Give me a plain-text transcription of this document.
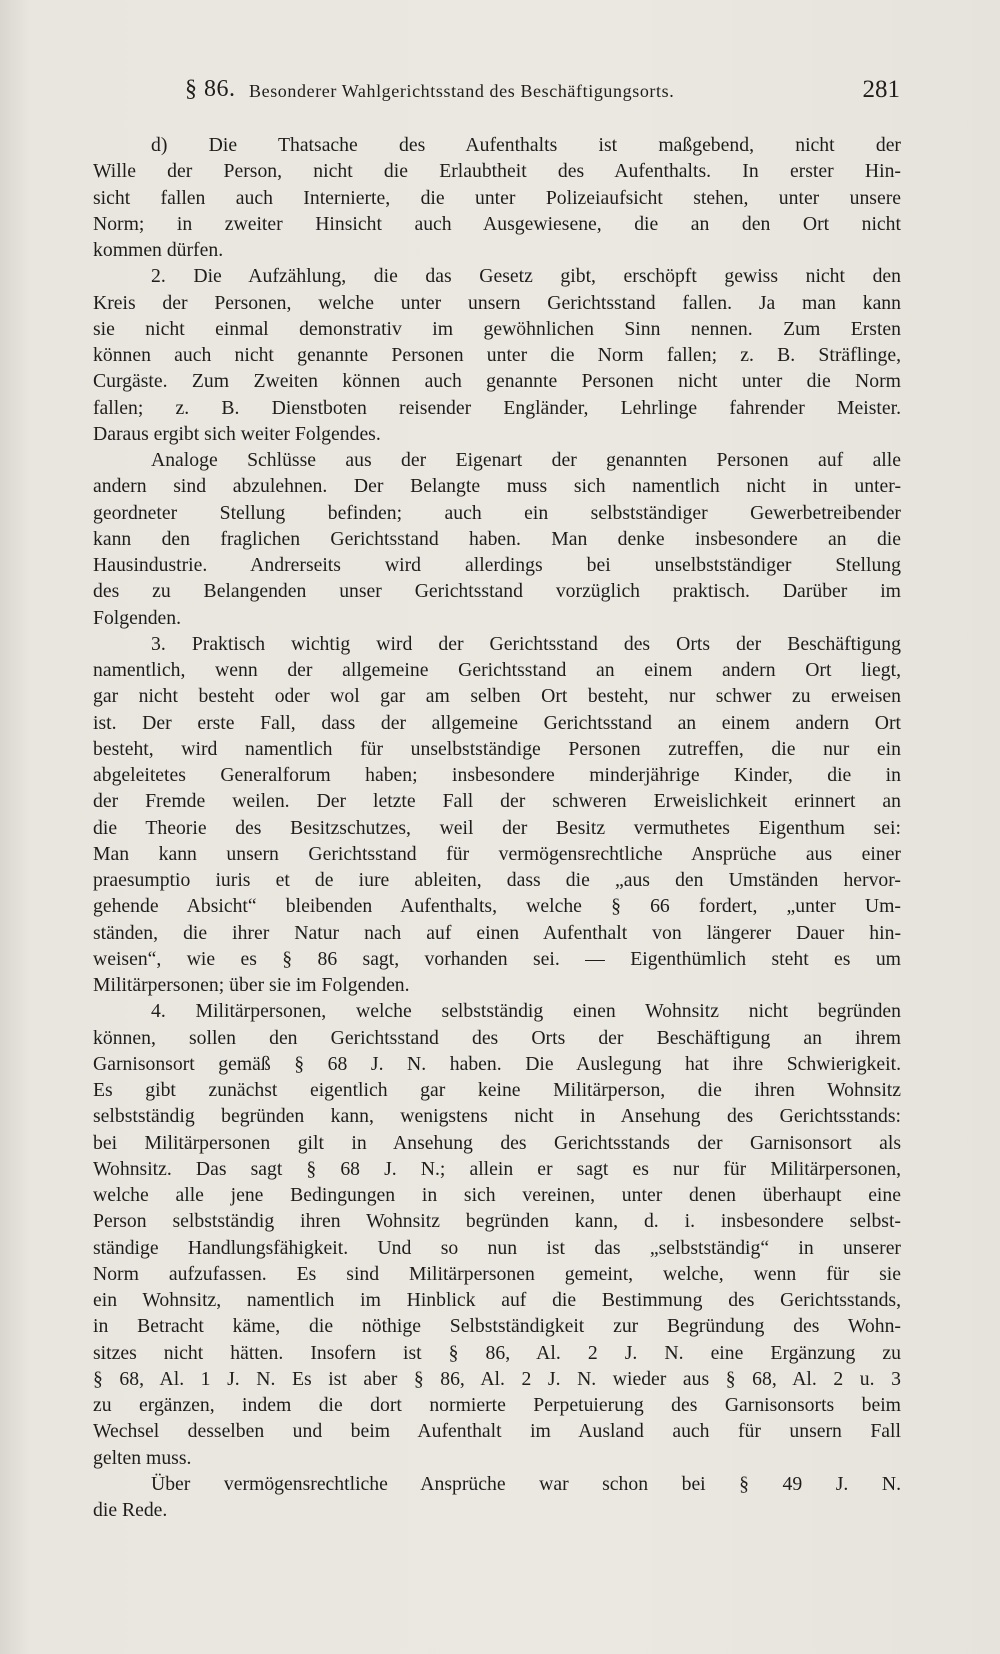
§ 86. Besonderer Wahlgerichtsstand des Beschäftigungsorts.	281
d) Die Thatsache des Aufenthalts ist maßgebend, nicht der
Wille der Person, nicht die Erlaubtheit des Aufenthalts. In erster Hin-
sicht fallen auch Internierte, die unter Polizeiaufsicht stehen, unter unsere
Norm; in zweiter Hinsicht auch Ausgewiesene, die an den Ort nicht
kommen dürfen.
2. Die Aufzählung, die das Gesetz gibt, erschöpft gewiss nicht den
Kreis der Personen, welche unter unsern Gerichtsstand fallen. Ja man kann
sie nicht einmal demonstrativ im gewöhnlichen Sinn nennen. Zum Ersten
können auch nicht genannte Personen unter die Norm fallen; z. B. Sträflinge,
Curgäste. Zum Zweiten können auch genannte Personen nicht unter die Norm
fallen; z. B. Dienstboten reisender Engländer, Lehrlinge fahrender Meister.
Daraus ergibt sich weiter Folgendes.
Analoge Schlüsse aus der Eigenart der genannten Personen auf alle
andern sind abzulehnen. Der Belangte muss sich namentlich nicht in unter-
geordneter Stellung befinden; auch ein selbstständiger Gewerbetreibender
kann den fraglichen Gerichtsstand haben. Man denke insbesondere an die
Hausindustrie. Andrerseits wird allerdings bei unselbstständiger Stellung
des zu Belangenden unser Gerichtsstand vorzüglich praktisch. Darüber im
Folgenden.
3. Praktisch wichtig wird der Gerichtsstand des Orts der Beschäftigung
namentlich, wenn der allgemeine Gerichtsstand an einem andern Ort liegt,
gar nicht besteht oder wol gar am selben Ort besteht, nur schwer zu erweisen
ist. Der erste Fall, dass der allgemeine Gerichtsstand an einem andern Ort
besteht, wird namentlich für unselbstständige Personen zutreffen, die nur ein
abgeleitetes Generalforum haben; insbesondere minderjährige Kinder, die in
der Fremde weilen. Der letzte Fall der schweren Erweislichkeit erinnert an
die Theorie des Besitzschutzes, weil der Besitz vermuthetes Eigenthum sei:
Man kann unsern Gerichtsstand für vermögensrechtliche Ansprüche aus einer
praesumptio iuris et de iure ableiten, dass die „aus den Umständen hervor-
gehende Absicht“ bleibenden Aufenthalts, welche § 66 fordert, „unter Um-
ständen, die ihrer Natur nach auf einen Aufenthalt von längerer Dauer hin-
weisen“, wie es § 86 sagt, vorhanden sei. — Eigenthümlich steht es um
Militärpersonen; über sie im Folgenden.
4. Militärpersonen, welche selbstständig einen Wohnsitz nicht begründen
können, sollen den Gerichtsstand des Orts der Beschäftigung an ihrem
Garnisonsort gemäß § 68 J. N. haben. Die Auslegung hat ihre Schwierigkeit.
Es gibt zunächst eigentlich gar keine Militärperson, die ihren Wohnsitz
selbstständig begründen kann, wenigstens nicht in Ansehung des Gerichtsstands:
bei Militärpersonen gilt in Ansehung des Gerichtsstands der Garnisonsort als
Wohnsitz. Das sagt § 68 J. N.; allein er sagt es nur für Militärpersonen,
welche alle jene Bedingungen in sich vereinen, unter denen überhaupt eine
Person selbstständig ihren Wohnsitz begründen kann, d. i. insbesondere selbst-
ständige Handlungsfähigkeit. Und so nun ist das „selbstständig“ in unserer
Norm aufzufassen. Es sind Militärpersonen gemeint, welche, wenn für sie
ein Wohnsitz, namentlich im Hinblick auf die Bestimmung des Gerichtsstands,
in Betracht käme, die nöthige Selbstständigkeit zur Begründung des Wohn-
sitzes nicht hätten. Insofern ist § 86, Al. 2 J. N. eine Ergänzung zu
§ 68, Al. 1 J. N. Es ist aber § 86, Al. 2 J. N. wieder aus § 68, Al. 2 u. 3
zu ergänzen, indem die dort normierte Perpetuierung des Garnisonsorts beim
Wechsel desselben und beim Aufenthalt im Ausland auch für unsern Fall
gelten muss.
Über vermögensrechtliche Ansprüche war schon bei § 49 J. N.
die Rede.
